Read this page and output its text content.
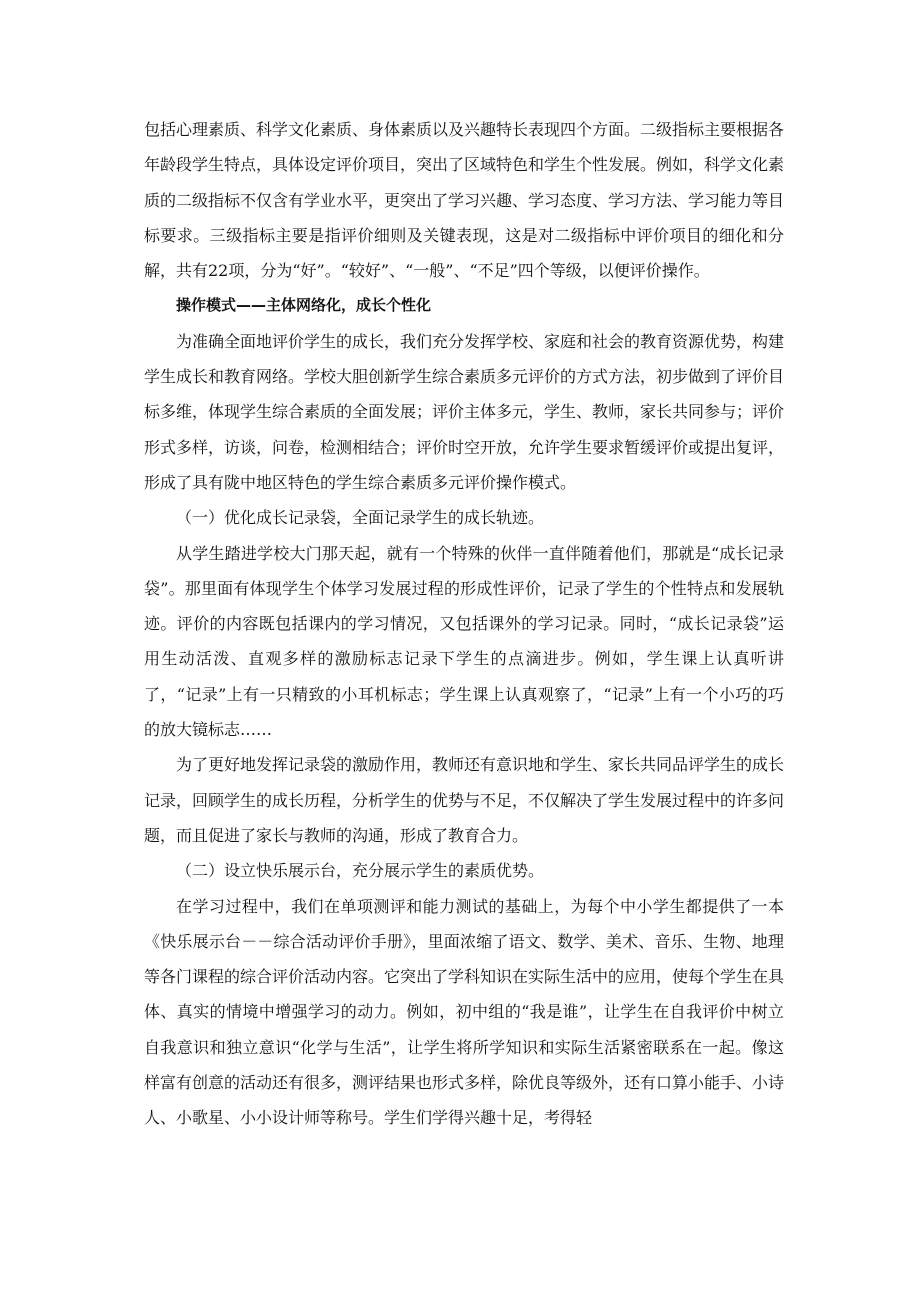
包括心理素质、科学文化素质、身体素质以及兴趣特长表现四个方面。二级指标主要根据各年龄段学生特点，具体设定评价项目，突出了区域特色和学生个性发展。例如，科学文化素质的二级指标不仅含有学业水平，更突出了学习兴趣、学习态度、学习方法、学习能力等目标要求。三级指标主要是指评价细则及关键表现，这是对二级指标中评价项目的细化和分解，共有22项，分为“好”。“较好”、“一般”、“不足”四个等级，以便评价操作。

操作模式——主体网络化，成长个性化

为准确全面地评价学生的成长，我们充分发挥学校、家庭和社会的教育资源优势，构建学生成长和教育网络。学校大胆创新学生综合素质多元评价的方式方法，初步做到了评价目标多维，体现学生综合素质的全面发展；评价主体多元，学生、教师，家长共同参与；评价形式多样，访谈，问卷，检测相结合；评价时空开放，允许学生要求暂缓评价或提出复评，形成了具有陇中地区特色的学生综合素质多元评价操作模式。

（一）优化成长记录袋，全面记录学生的成长轨迹。

从学生踏进学校大门那天起，就有一个特殊的伙伴一直伴随着他们，那就是“成长记录袋”。那里面有体现学生个体学习发展过程的形成性评价，记录了学生的个性特点和发展轨迹。评价的内容既包括课内的学习情况，又包括课外的学习记录。同时，“成长记录袋”运用生动活泼、直观多样的激励标志记录下学生的点滴进步。例如，学生课上认真听讲了，“记录”上有一只精致的小耳机标志；学生课上认真观察了，“记录”上有一个小巧的巧的放大镜标志……

为了更好地发挥记录袋的激励作用，教师还有意识地和学生、家长共同品评学生的成长记录，回顾学生的成长历程，分析学生的优势与不足，不仅解决了学生发展过程中的许多问题，而且促进了家长与教师的沟通，形成了教育合力。

（二）设立快乐展示台，充分展示学生的素质优势。

在学习过程中，我们在单项测评和能力测试的基础上，为每个中小学生都提供了一本《快乐展示台－－综合活动评价手册》，里面浓缩了语文、数学、美术、音乐、生物、地理等各门课程的综合评价活动内容。它突出了学科知识在实际生活中的应用，使每个学生在具体、真实的情境中增强学习的动力。例如，初中组的“我是谁”，让学生在自我评价中树立自我意识和独立意识“化学与生活”，让学生将所学知识和实际生活紧密联系在一起。像这样富有创意的活动还有很多，测评结果也形式多样，除优良等级外，还有口算小能手、小诗人、小歌星、小小设计师等称号。学生们学得兴趣十足，考得轻
